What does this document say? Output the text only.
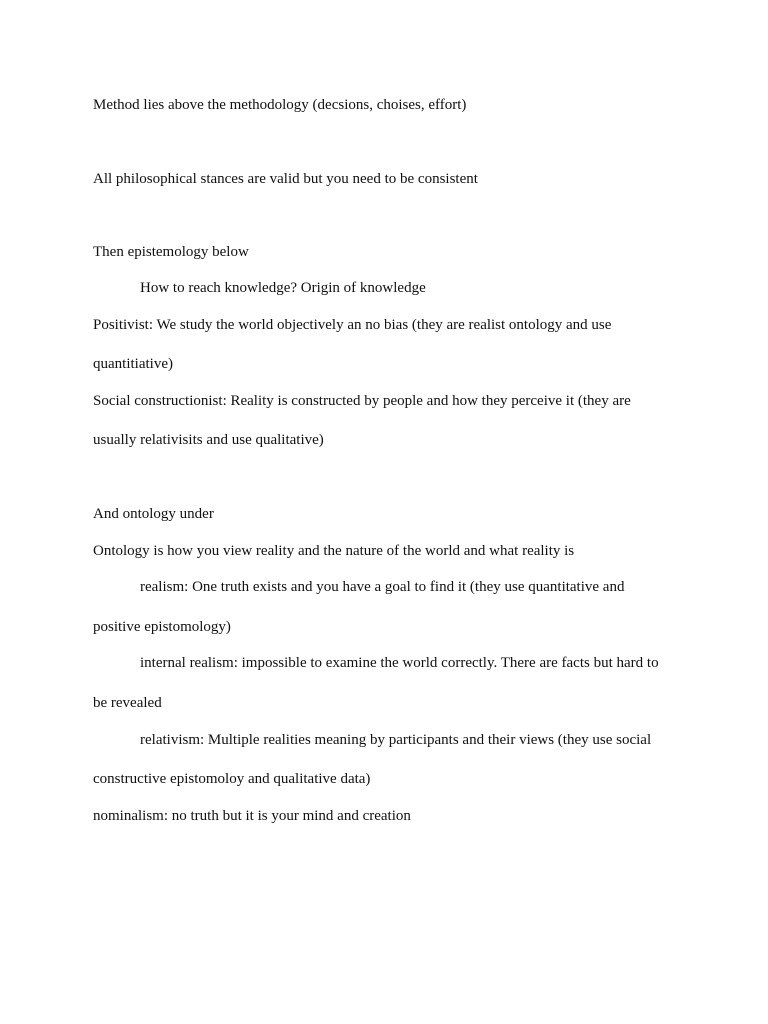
Method lies above the methodology (decsions, choises, effort)
All philosophical stances are valid but you need to be consistent
Then epistemology below
How to reach knowledge? Origin of knowledge
Positivist: We study the world objectively an no bias (they are realist ontology and use
quantitiative)
Social constructionist: Reality is constructed by people and how they perceive it (they are
usually relativisits and use qualitative)
And ontology under
Ontology is how you view reality and the nature of the world and what reality is
realism: One truth exists and you have a goal to find it (they use quantitative and
positive epistomology)
internal realism: impossible to examine the world correctly. There are facts but hard to
be revealed
relativism: Multiple realities meaning by participants and their views (they use social
constructive epistomoloy and qualitative data)
nominalism: no truth but it is your mind and creation
